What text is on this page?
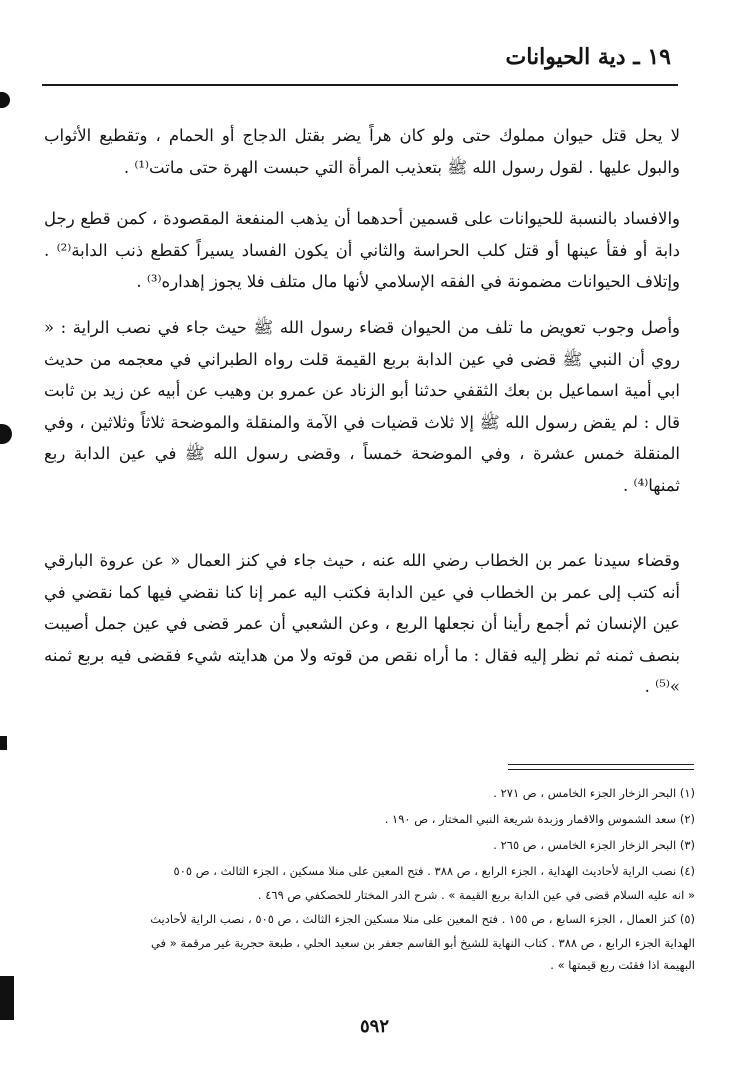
١٩ ـ دية الحيوانات
لا يحل قتل حيوان مملوك حتى ولو كان هراً يضر بقتل الدجاج أو الحمام ، وتقطيع الأثواب والبول عليها . لقول رسول الله ﷺ بتعذيب المرأة التي حبست الهرة حتى ماتت⁽¹⁾ .
والافساد بالنسبة للحيوانات على قسمين أحدهما أن يذهب المنفعة المقصودة ، كمن قطع رجل دابة أو فقأ عينها أو قتل كلب الحراسة والثاني أن يكون الفساد يسيراً كقطع ذنب الدابة⁽²⁾ . وإتلاف الحيوانات مضمونة في الفقه الإسلامي لأنها مال متلف فلا يجوز إهداره⁽³⁾ .
وأصل وجوب تعويض ما تلف من الحيوان قضاء رسول الله ﷺ حيث جاء في نصب الراية : « روي أن النبي ﷺ قضى في عين الدابة بربع القيمة قلت رواه الطبراني في معجمه من حديث ابي أمية اسماعيل بن بعك الثقفي حدثنا أبو الزناد عن عمرو بن وهيب عن أبيه عن زيد بن ثابت قال : لم يقض رسول الله ﷺ إلا ثلاث قضيات في الآمة والمنقلة والموضحة ثلاثاً وثلاثين ، وفي المنقلة خمس عشرة ، وفي الموضحة خمساً ، وقضى رسول الله ﷺ في عين الدابة ربع ثمنها⁽⁴⁾ .
وقضاء سيدنا عمر بن الخطاب رضي الله عنه ، حيث جاء في كنز العمال « عن عروة البارقي أنه كتب إلى عمر بن الخطاب في عين الدابة فكتب اليه عمر إنا كنا نقضي فيها كما نقضي في عين الإنسان ثم أجمع رأينا أن نجعلها الربع ، وعن الشعبي أن عمر قضى في عين جمل أصيبت بنصف ثمنه ثم نظر إليه فقال : ما أراه نقص من قوته ولا من هدايته شيء فقضى فيه بربع ثمنه »⁽⁵⁾ .
(١) البحر الزخار الجزء الخامس ، ص ٢٧١ .
(٢) سعد الشموس والاقمار وزبدة شريعة النبي المختار ، ص ١٩٠ .
(٣) البحر الزخار الجزء الخامس ، ص ٢٦٥ .
(٤) نصب الراية لأحاديث الهداية ، الجزء الرابع ، ص ٣٨٨ . فتح المعين على منلا مسكين ، الجزء الثالث ، ص ٥٠٥
« انه عليه السلام قضى في عين الدابة بربع القيمة » . شرح الدر المختار للحصكفي ص ٤٦٩ .
(٥) كنز العمال ، الجزء السابع ، ص ١٥٥ . فتح المعين على منلا مسكين الجزء الثالث ، ص ٥٠٥ ، نصب الراية لأحاديث
الهداية الجزء الرابع ، ص ٣٨٨ . كتاب النهاية للشيخ أبو القاسم جعفر بن سعيد الحلي ، طبعة حجرية غير مرقمة « في
البهيمة اذا فقئت ربع قيمتها » .
٥٩٢
